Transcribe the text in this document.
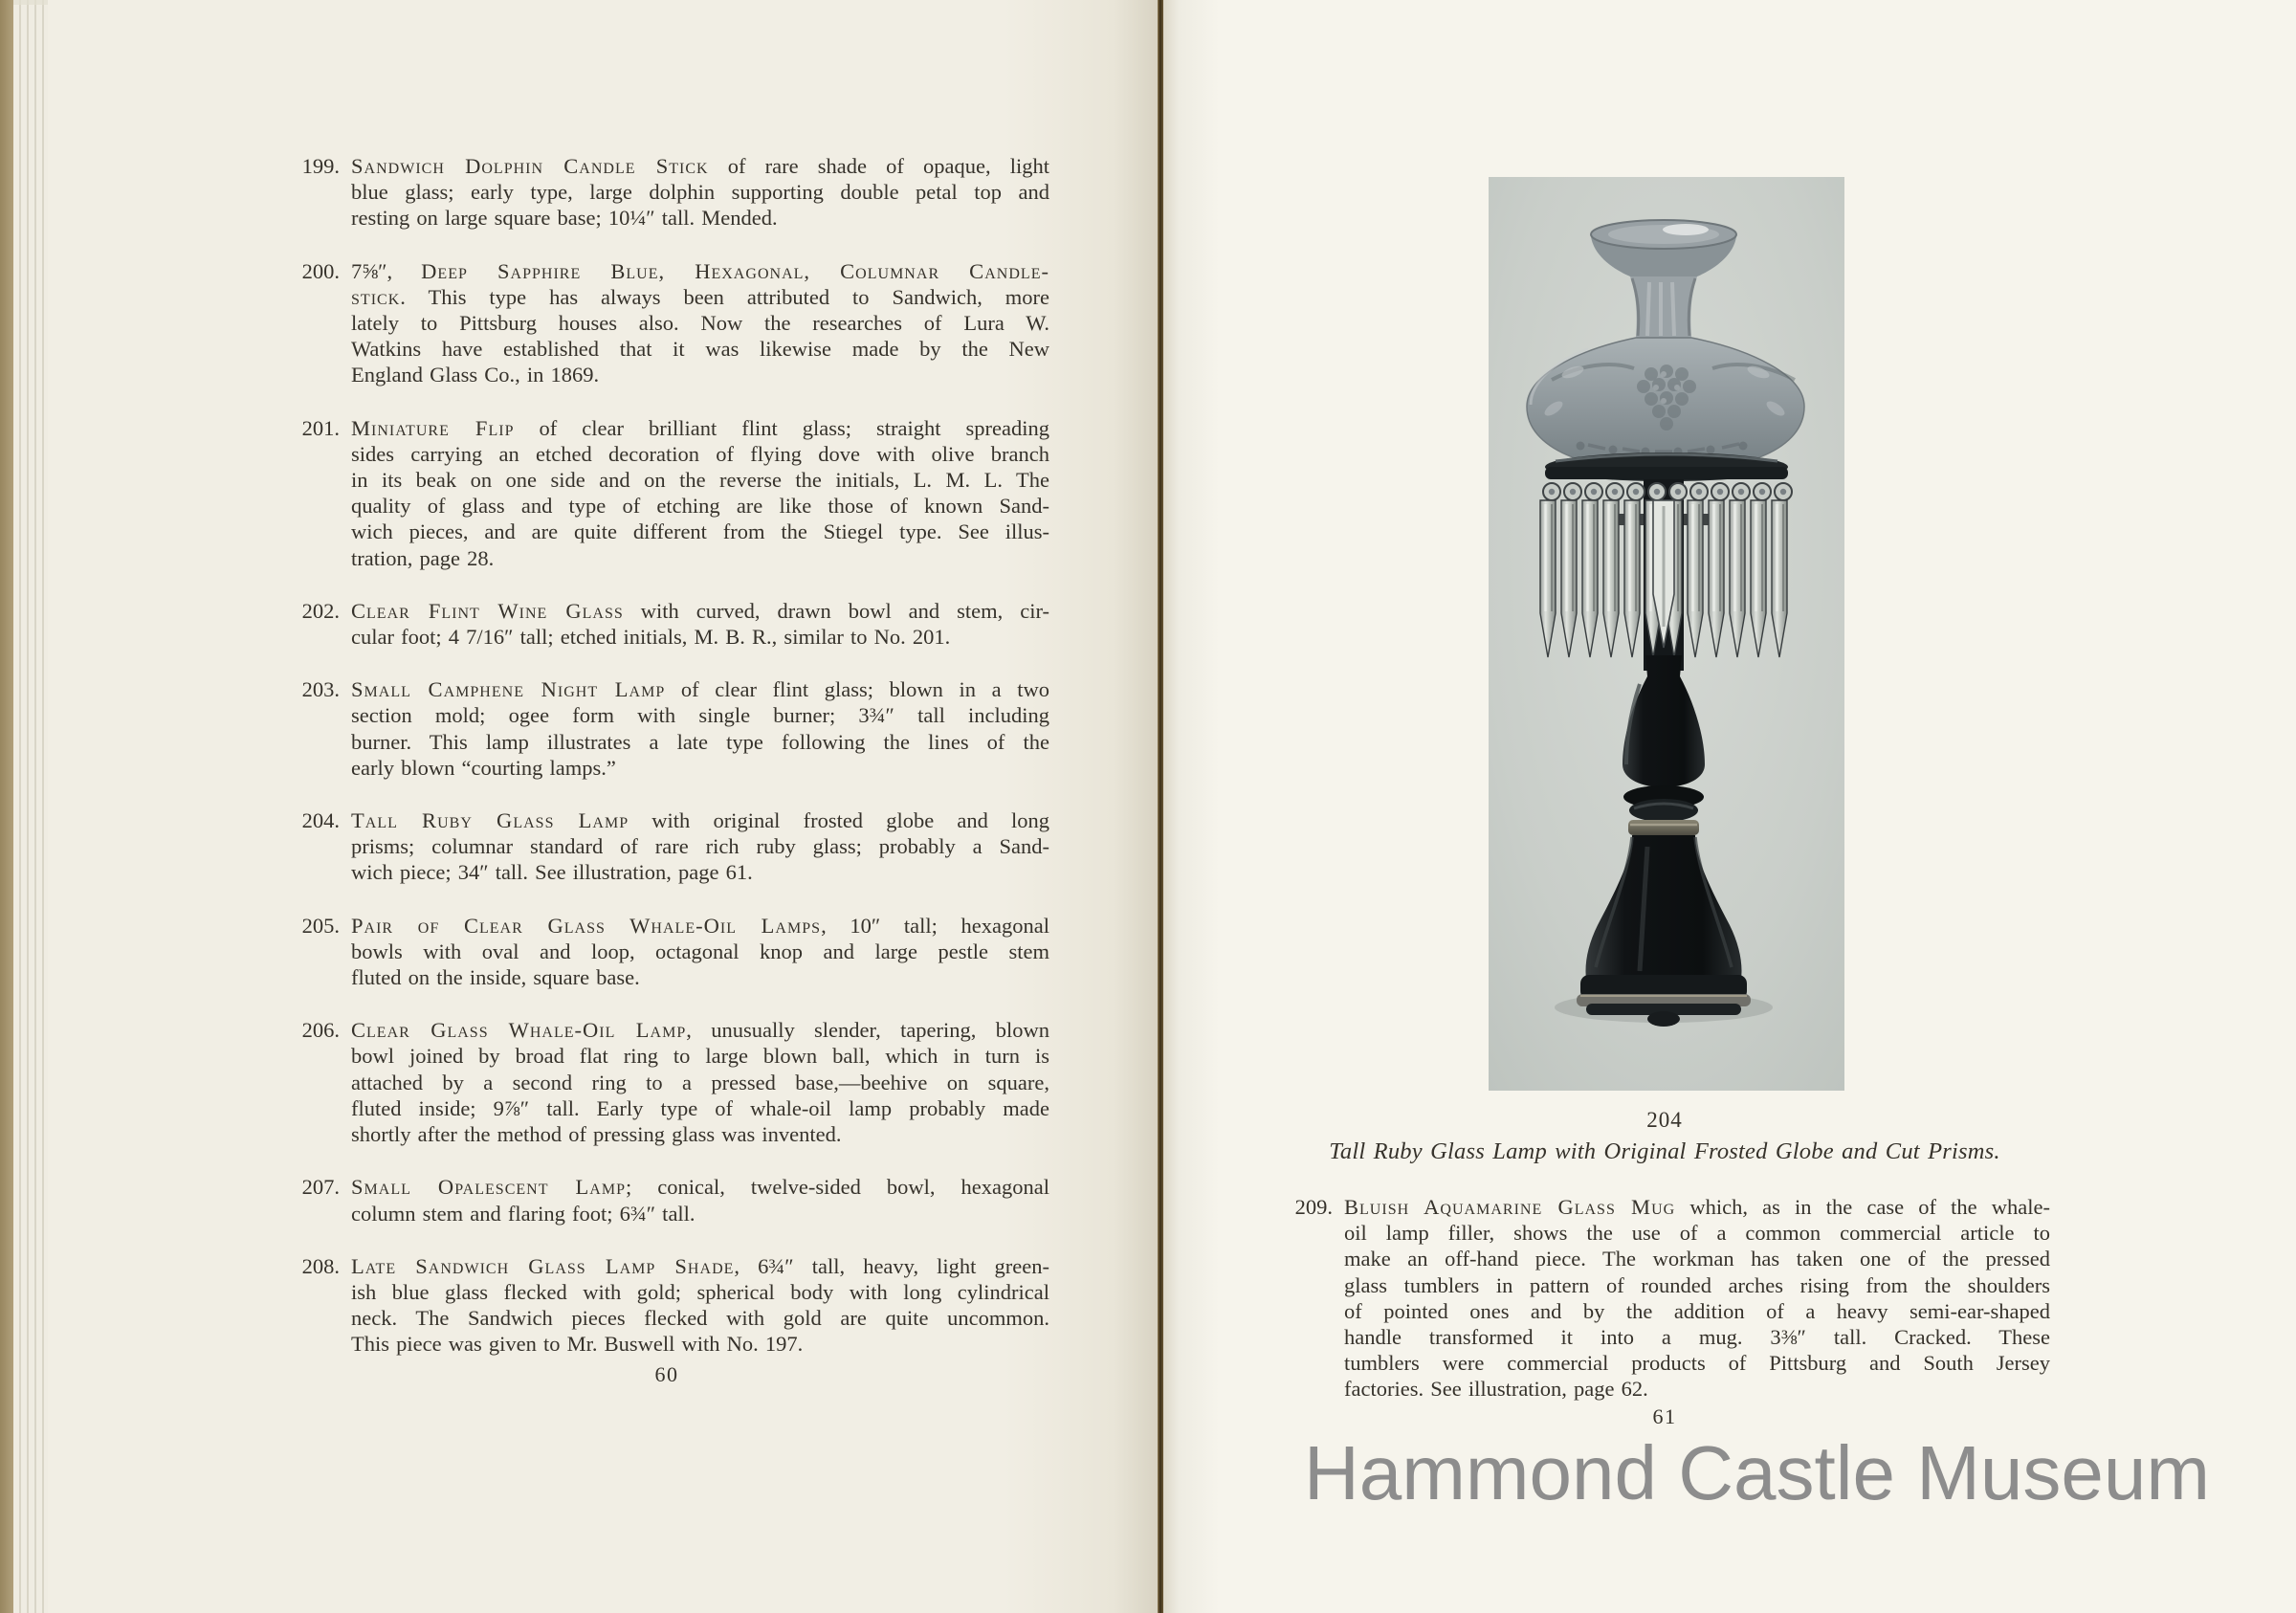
199. Sandwich Dolphin Candle Stick of rare shade of opaque, light
blue glass; early type, large dolphin supporting double petal top and
resting on large square base; 10¼″ tall. Mended.
200. 7⅝″, Deep Sapphire Blue, Hexagonal, Columnar Candle-
stick. This type has always been attributed to Sandwich, more
lately to Pittsburg houses also. Now the researches of Lura W.
Watkins have established that it was likewise made by the New
England Glass Co., in 1869.
201. Miniature Flip of clear brilliant flint glass; straight spreading
sides carrying an etched decoration of flying dove with olive branch
in its beak on one side and on the reverse the initials, L. M. L. The
quality of glass and type of etching are like those of known Sand-
wich pieces, and are quite different from the Stiegel type. See illus-
tration, page 28.
202. Clear Flint Wine Glass with curved, drawn bowl and stem, cir-
cular foot; 4 7/16″ tall; etched initials, M. B. R., similar to No. 201.
203. Small Camphene Night Lamp of clear flint glass; blown in a two
section mold; ogee form with single burner; 3¾″ tall including
burner. This lamp illustrates a late type following the lines of the
early blown “courting lamps.”
204. Tall Ruby Glass Lamp with original frosted globe and long
prisms; columnar standard of rare rich ruby glass; probably a Sand-
wich piece; 34″ tall. See illustration, page 61.
205. Pair of Clear Glass Whale-Oil Lamps, 10″ tall; hexagonal
bowls with oval and loop, octagonal knop and large pestle stem
fluted on the inside, square base.
206. Clear Glass Whale-Oil Lamp, unusually slender, tapering, blown
bowl joined by broad flat ring to large blown ball, which in turn is
attached by a second ring to a pressed base,—beehive on square,
fluted inside; 9⅞″ tall. Early type of whale-oil lamp probably made
shortly after the method of pressing glass was invented.
207. Small Opalescent Lamp; conical, twelve-sided bowl, hexagonal
column stem and flaring foot; 6¾″ tall.
208. Late Sandwich Glass Lamp Shade, 6¾″ tall, heavy, light green-
ish blue glass flecked with gold; spherical body with long cylindrical
neck. The Sandwich pieces flecked with gold are quite uncommon.
This piece was given to Mr. Buswell with No. 197.
60
204
Tall Ruby Glass Lamp with Original Frosted Globe and Cut Prisms.
209. Bluish Aquamarine Glass Mug which, as in the case of the whale-
oil lamp filler, shows the use of a common commercial article to
make an off-hand piece. The workman has taken one of the pressed
glass tumblers in pattern of rounded arches rising from the shoulders
of pointed ones and by the addition of a heavy semi-ear-shaped
handle transformed it into a mug. 3⅜″ tall. Cracked. These
tumblers were commercial products of Pittsburg and South Jersey
factories. See illustration, page 62.
61
Hammond Castle Museum
